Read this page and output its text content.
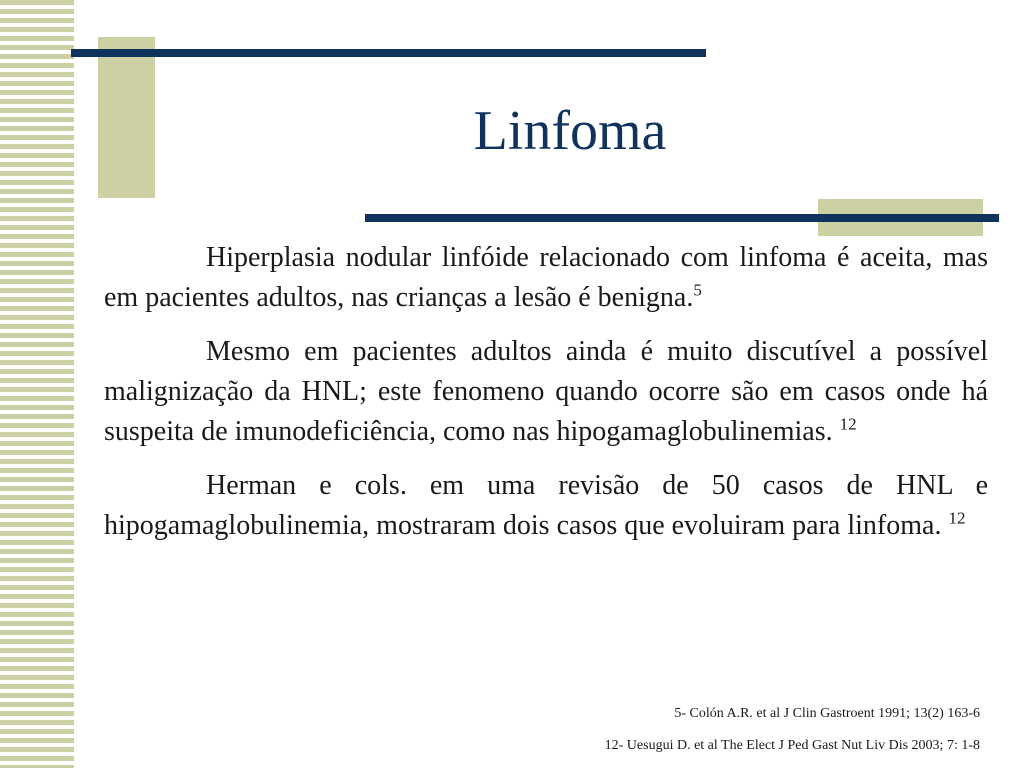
Linfoma

Hiperplasia nodular linfóide relacionado com linfoma é aceita, mas em pacientes adultos, nas crianças a lesão é benigna.$^5$

Mesmo em pacientes adultos ainda é muito discutível a possível malignização da HNL; este fenomeno quando ocorre são em casos onde há suspeita de imunodeficiência, como nas hipogamaglobulinemias. $^{12}$

Herman e cols. em uma revisão de 50 casos de HNL e hipogamaglobulinemia, mostraram dois casos que evoluiram para linfoma. $^{12}$

5- Colón A.R. et al J Clin Gastroent 1991; 13(2) 163-6
12- Uesugui D. et al The Elect J Ped Gast Nut Liv Dis 2003; 7: 1-8
